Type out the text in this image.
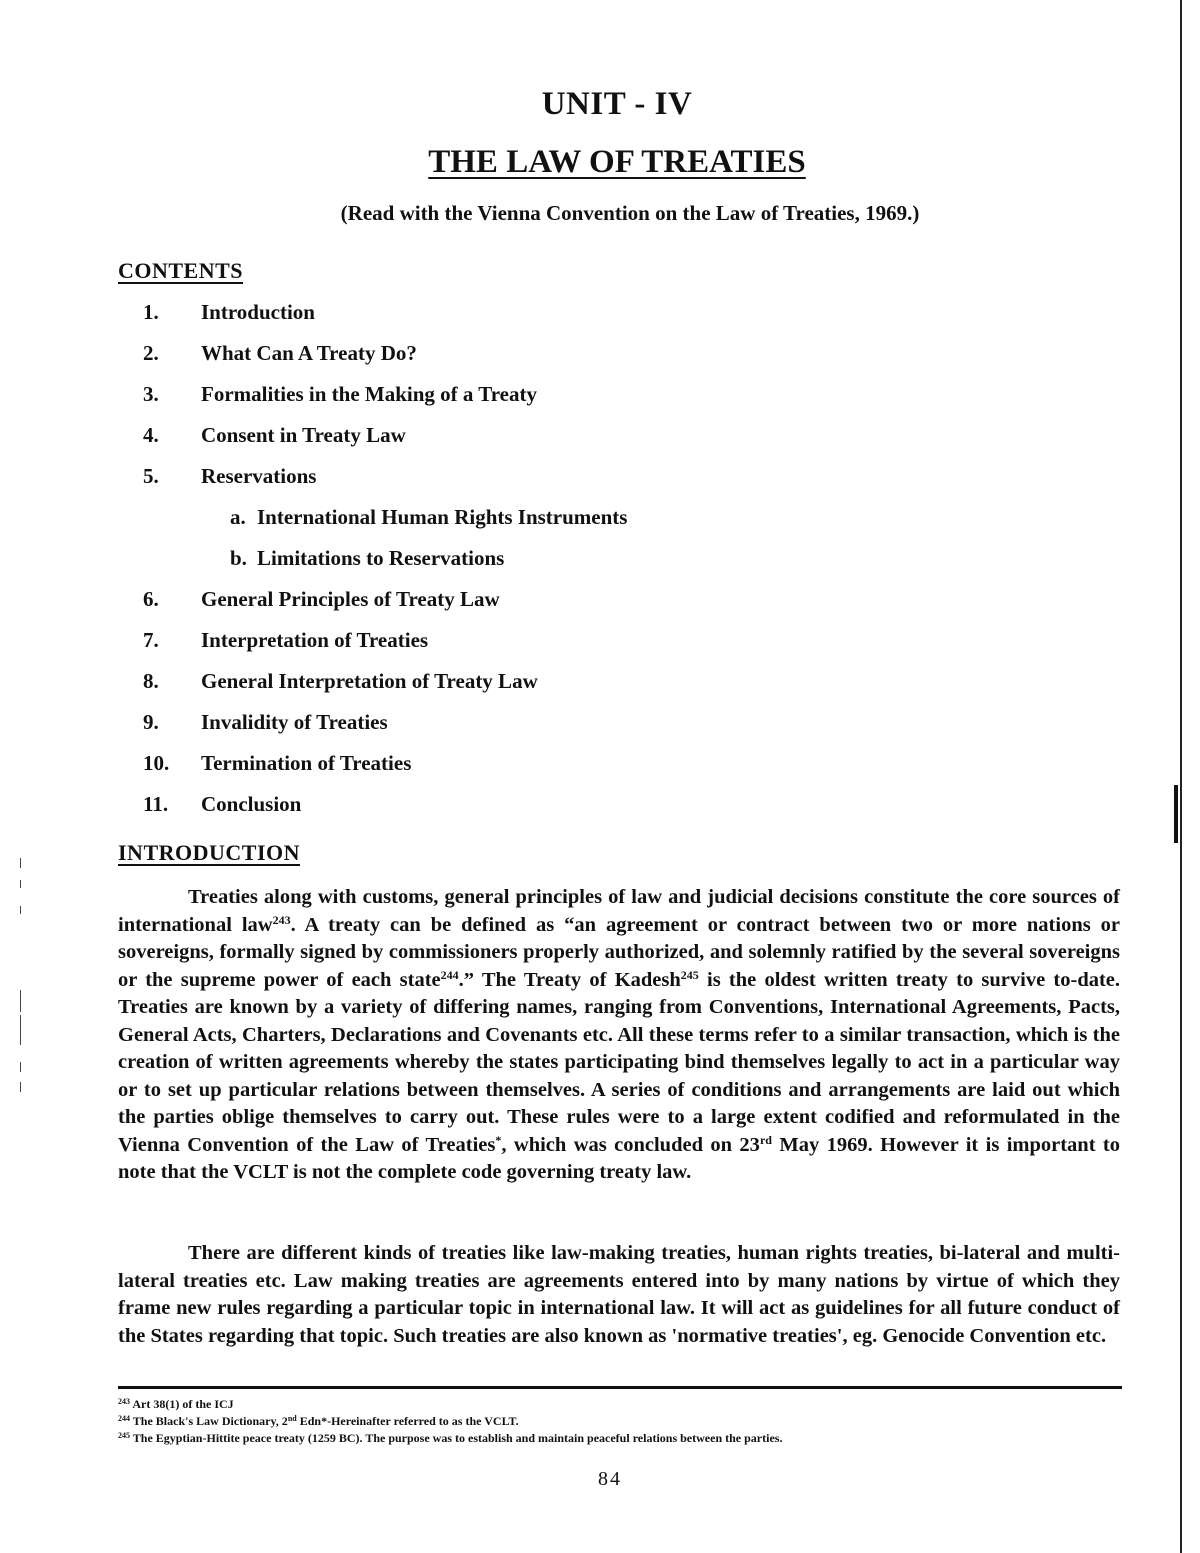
UNIT - IV
THE LAW OF TREATIES
(Read with the Vienna Convention on the Law of Treaties, 1969.)
CONTENTS
1.	Introduction
2.	What Can A Treaty Do?
3.	Formalities in the Making of a Treaty
4.	Consent in Treaty Law
5.	Reservations
a. International Human Rights Instruments
b. Limitations to Reservations
6.	General Principles of Treaty Law
7.	Interpretation of Treaties
8.	General Interpretation of Treaty Law
9.	Invalidity of Treaties
10.	Termination of Treaties
11.	Conclusion
INTRODUCTION

Treaties along with customs, general principles of law and judicial decisions constitute the core sources of international law$^{243}$. A treaty can be defined as “an agreement or contract between two or more nations or sovereigns, formally signed by commissioners properly authorized, and solemnly ratified by the several sovereigns or the supreme power of each state$^{244}$.” The Treaty of Kadesh$^{245}$ is the oldest written treaty to survive to-date. Treaties are known by a variety of differing names, ranging from Conventions, International Agreements, Pacts, General Acts, Charters, Declarations and Covenants etc. All these terms refer to a similar transaction, which is the creation of written agreements whereby the states participating bind themselves legally to act in a particular way or to set up particular relations between themselves. A series of conditions and arrangements are laid out which the parties oblige themselves to carry out. These rules were to a large extent codified and reformulated in the Vienna Convention of the Law of Treaties*, which was concluded on 23rd May 1969. However it is important to note that the VCLT is not the complete code governing treaty law.

There are different kinds of treaties like law-making treaties, human rights treaties, bi-lateral and multi-lateral treaties etc. Law making treaties are agreements entered into by many nations by virtue of which they frame new rules regarding a particular topic in international law. It will act as guidelines for all future conduct of the States regarding that topic. Such treaties are also known as 'normative treaties', eg. Genocide Convention etc.

$^{243}$ Art 38(1) of the ICJ
$^{244}$ The Black's Law Dictionary, 2nd Edn*-Hereinafter referred to as the VCLT.
$^{245}$ The Egyptian-Hittite peace treaty (1259 BC). The purpose was to establish and maintain peaceful relations between the parties.
84
